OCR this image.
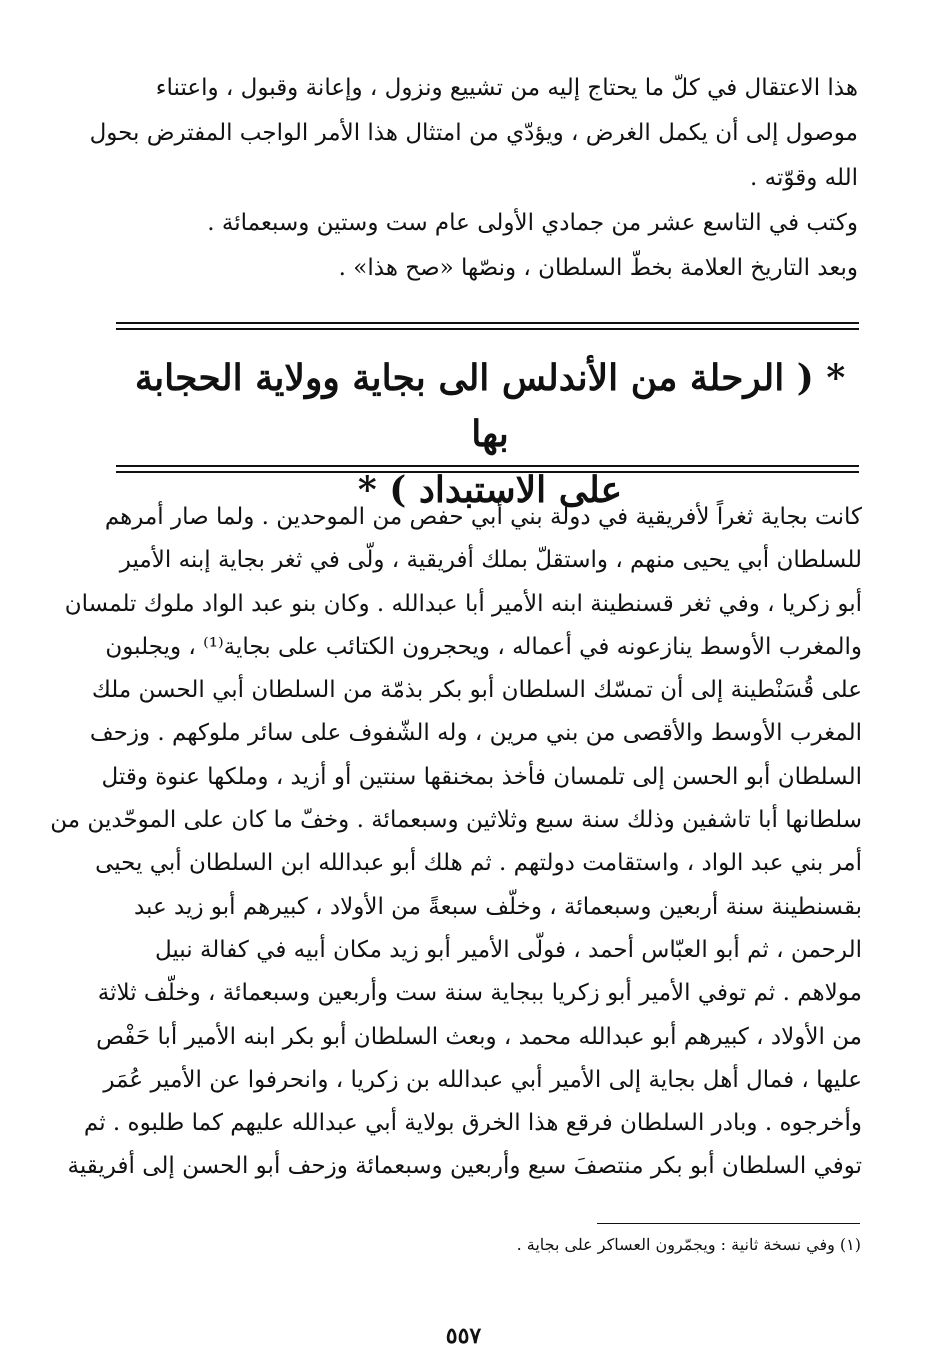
هذا الاعتقال في كلّ ما يحتاج إليه من تشييع ونزول ، وإعانة وقبول ، واعتناء
موصول إلى أن يكمل الغرض ، ويؤدّي من امتثال هذا الأمر الواجب المفترض بحول
الله وقوّته .
وكتب في التاسع عشر من جمادي الأولى عام ست وستين وسبعمائة .
وبعد التاريخ العلامة بخطّ السلطان ، ونصّها «صح هذا» .
* ( الرحلة من الأندلس الى بجاية وولاية الحجابة بها
على الاستبداد ) *
كانت بجاية ثغراً لأفريقية في دولة بني أبي حفص من الموحدين . ولما صار أمرهم
للسلطان أبي يحيى منهم ، واستقلّ بملك أفريقية ، ولّى في ثغر بجاية إبنه الأمير
أبو زكريا ، وفي ثغر قسنطينة ابنه الأمير أبا عبدالله . وكان بنو عبد الواد ملوك تلمسان
والمغرب الأوسط ينازعونه في أعماله ، ويحجرون الكتائب على بجاية⁽¹⁾ ، ويجلبون
على قُسَنْطينة إلى أن تمسّك السلطان أبو بكر بذمّة من السلطان أبي الحسن ملك
المغرب الأوسط والأقصى من بني مرين ، وله الشّفوف على سائر ملوكهم . وزحف
السلطان أبو الحسن إلى تلمسان فأخذ بمخنقها سنتين أو أزيد ، وملكها عنوة وقتل
سلطانها أبا تاشفين وذلك سنة سبع وثلاثين وسبعمائة . وخفّ ما كان على الموحّدين من
أمر بني عبد الواد ، واستقامت دولتهم . ثم هلك أبو عبدالله ابن السلطان أبي يحيى
بقسنطينة سنة أربعين وسبعمائة ، وخلّف سبعةً من الأولاد ، كبيرهم أبو زيد عبد
الرحمن ، ثم أبو العبّاس أحمد ، فولّى الأمير أبو زيد مكان أبيه في كفالة نبيل
مولاهم . ثم توفي الأمير أبو زكريا ببجاية سنة ست وأربعين وسبعمائة ، وخلّف ثلاثة
من الأولاد ، كبيرهم أبو عبدالله محمد ، وبعث السلطان أبو بكر ابنه الأمير أبا حَفْص
عليها ، فمال أهل بجاية إلى الأمير أبي عبدالله بن زكريا ، وانحرفوا عن الأمير عُمَر
وأخرجوه . وبادر السلطان فرقع هذا الخرق بولاية أبي عبدالله عليهم كما طلبوه . ثم
توفي السلطان أبو بكر منتصفَ سبع وأربعين وسبعمائة وزحف أبو الحسن إلى أفريقية
(١) وفي نسخة ثانية : ويجمّرون العساكر على بجاية .
٥٥٧
